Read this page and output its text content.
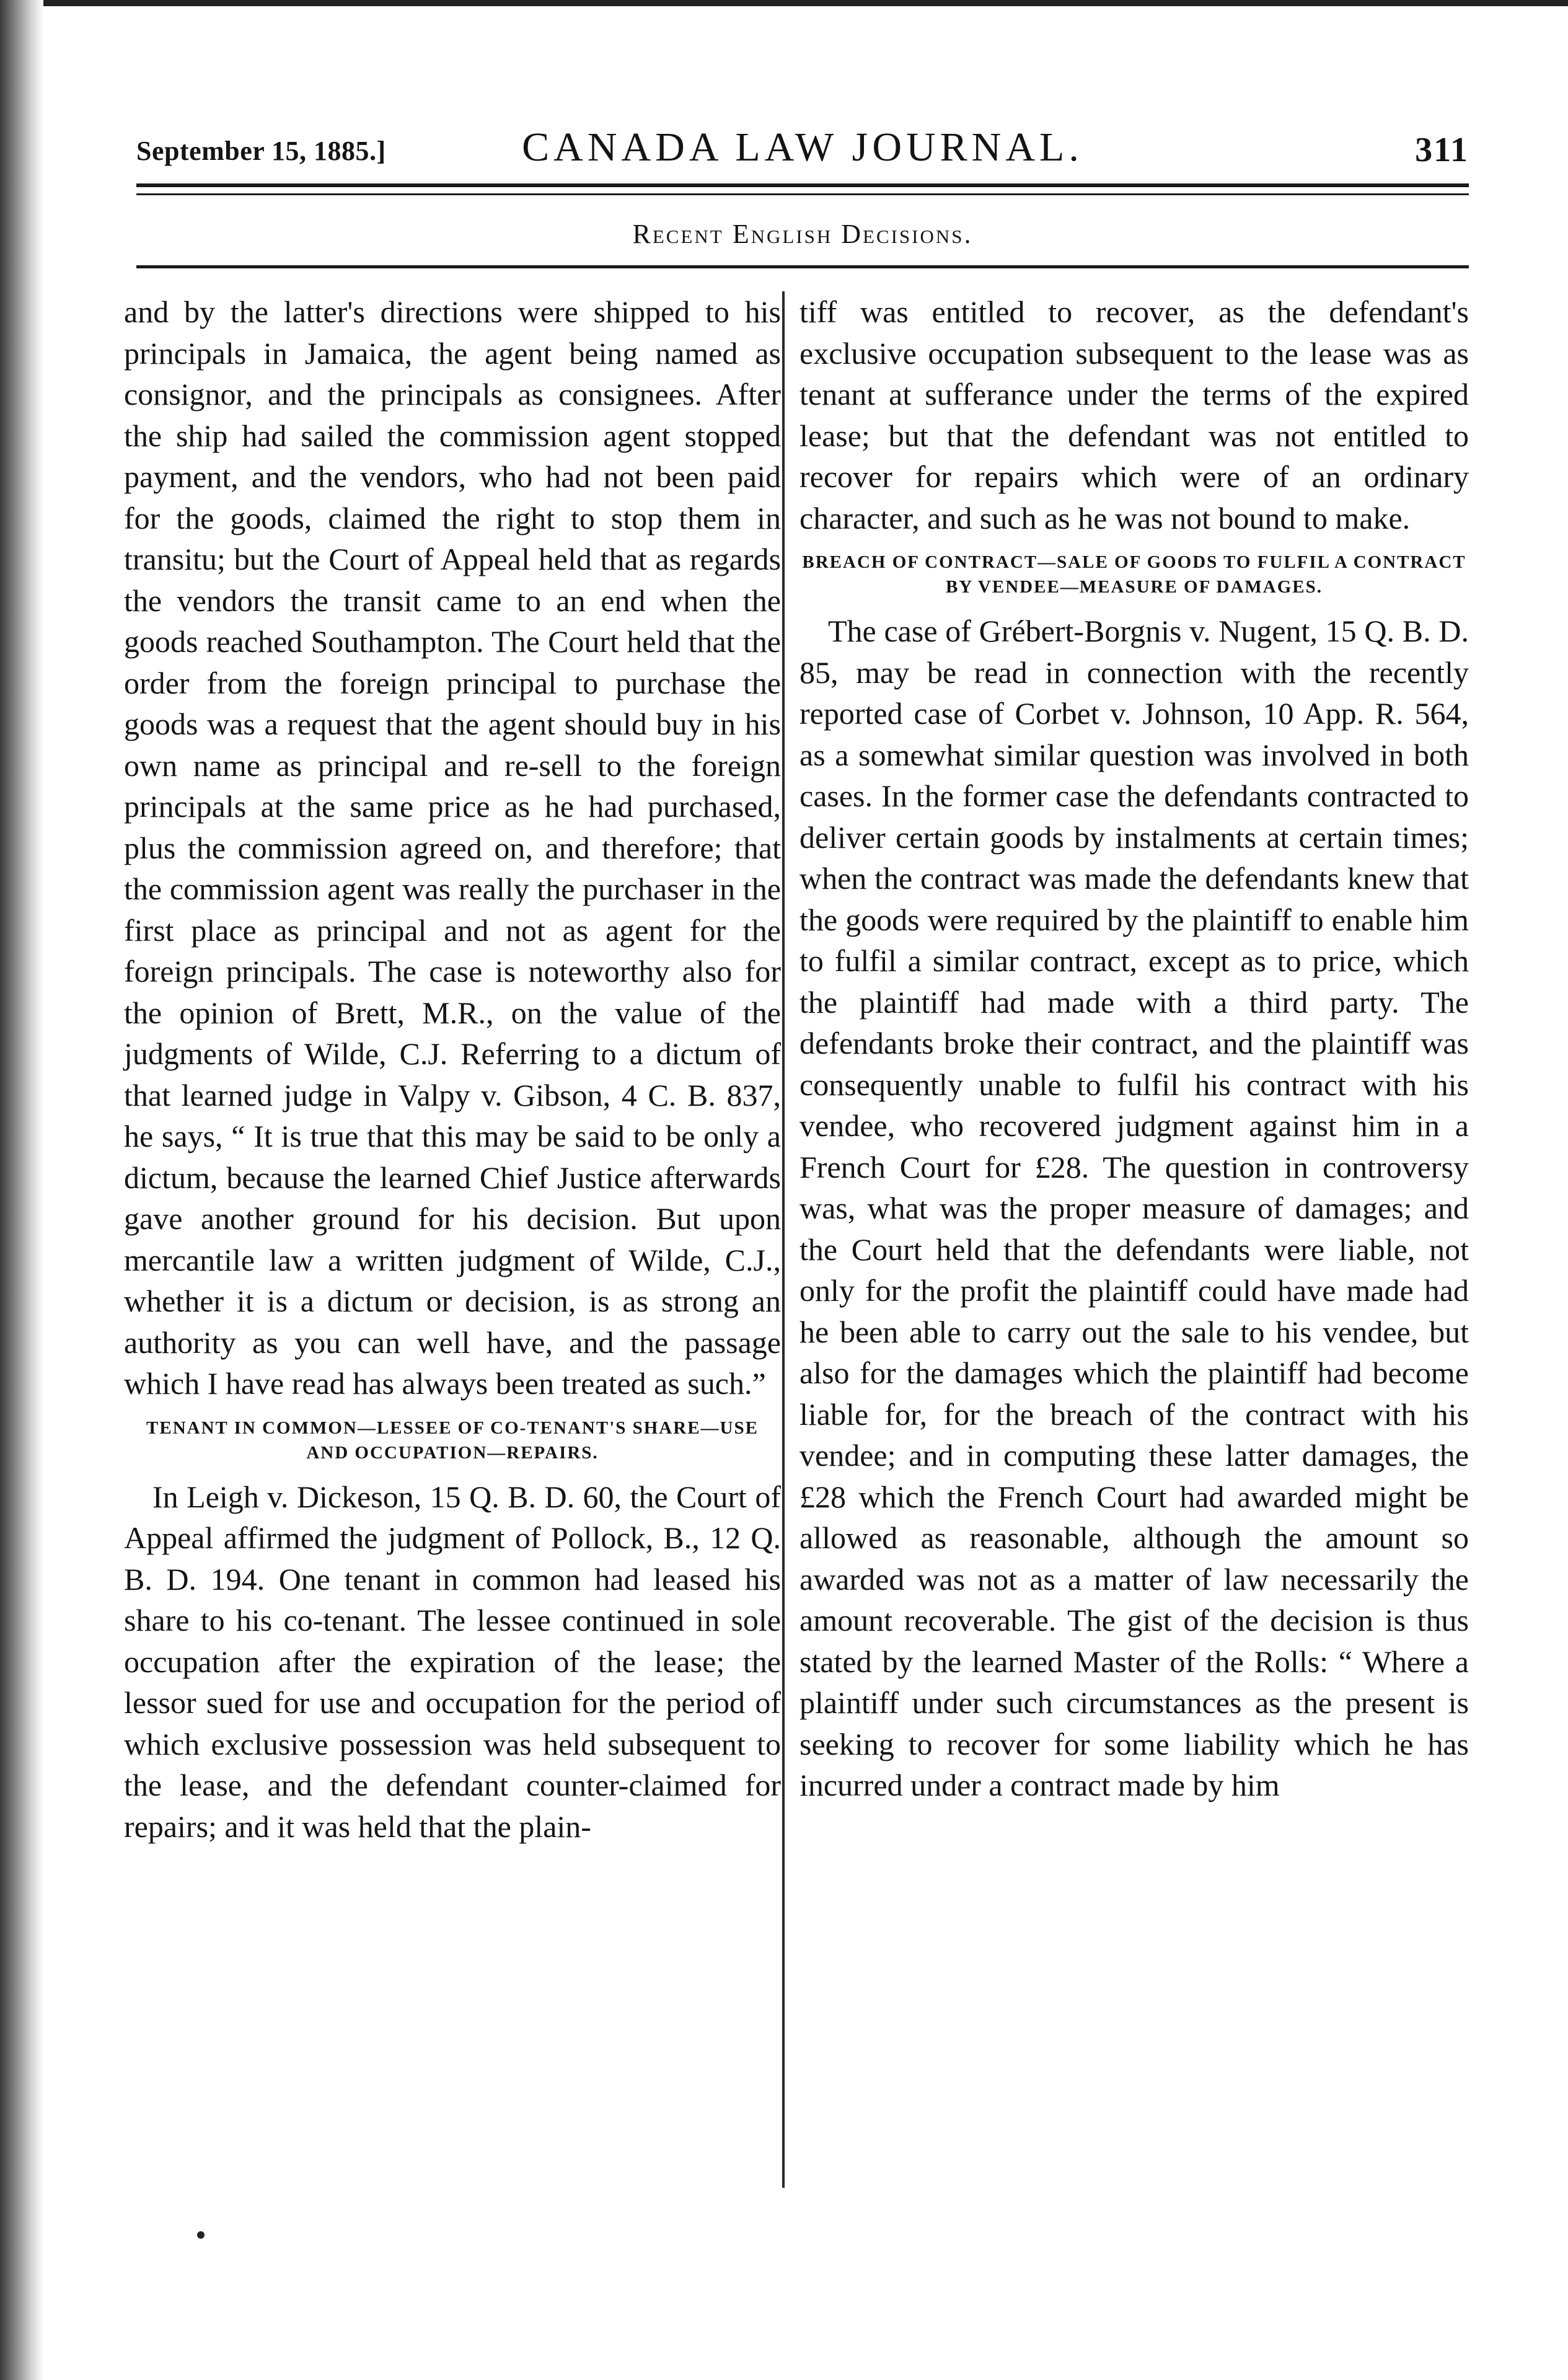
September 15, 1885.]	CANADA LAW JOURNAL.	311
Recent English Decisions.

and by the latter's directions were shipped to his principals in Jamaica, the agent being named as consignor, and the principals as consignees. After the ship had sailed the commission agent stopped payment, and the vendors, who had not been paid for the goods, claimed the right to stop them in transitu; but the Court of Appeal held that as regards the vendors the transit came to an end when the goods reached Southampton. The Court held that the order from the foreign principal to purchase the goods was a request that the agent should buy in his own name as principal and re-sell to the foreign principals at the same price as he had purchased, plus the commission agreed on, and therefore; that the commission agent was really the purchaser in the first place as principal and not as agent for the foreign principals. The case is noteworthy also for the opinion of Brett, M.R., on the value of the judgments of Wilde, C.J. Referring to a dictum of that learned judge in Valpy v. Gibson, 4 C. B. 837, he says, “ It is true that this may be said to be only a dictum, because the learned Chief Justice afterwards gave another ground for his decision. But upon mercantile law a written judgment of Wilde, C.J., whether it is a dictum or decision, is as strong an authority as you can well have, and the passage which I have read has always been treated as such.”

TENANT IN COMMON—LESSEE OF CO-TENANT'S SHARE—USE AND OCCUPATION—REPAIRS.

In Leigh v. Dickeson, 15 Q. B. D. 60, the Court of Appeal affirmed the judgment of Pollock, B., 12 Q. B. D. 194. One tenant in common had leased his share to his co-tenant. The lessee continued in sole occupation after the expiration of the lease; the lessor sued for use and occupation for the period of which exclusive possession was held subsequent to the lease, and the defendant counter-claimed for repairs; and it was held that the plain-

tiff was entitled to recover, as the defendant's exclusive occupation subsequent to the lease was as tenant at sufferance under the terms of the expired lease; but that the defendant was not entitled to recover for repairs which were of an ordinary character, and such as he was not bound to make.

BREACH OF CONTRACT—SALE OF GOODS TO FULFIL A CONTRACT BY VENDEE—MEASURE OF DAMAGES.

The case of Grébert-Borgnis v. Nugent, 15 Q. B. D. 85, may be read in connection with the recently reported case of Corbet v. Johnson, 10 App. R. 564, as a somewhat similar question was involved in both cases. In the former case the defendants contracted to deliver certain goods by instalments at certain times; when the contract was made the defendants knew that the goods were required by the plaintiff to enable him to fulfil a similar contract, except as to price, which the plaintiff had made with a third party. The defendants broke their contract, and the plaintiff was consequently unable to fulfil his contract with his vendee, who recovered judgment against him in a French Court for £28. The question in controversy was, what was the proper measure of damages; and the Court held that the defendants were liable, not only for the profit the plaintiff could have made had he been able to carry out the sale to his vendee, but also for the damages which the plaintiff had become liable for, for the breach of the contract with his vendee; and in computing these latter damages, the £28 which the French Court had awarded might be allowed as reasonable, although the amount so awarded was not as a matter of law necessarily the amount recoverable. The gist of the decision is thus stated by the learned Master of the Rolls: “ Where a plaintiff under such circumstances as the present is seeking to recover for some liability which he has incurred under a contract made by him
